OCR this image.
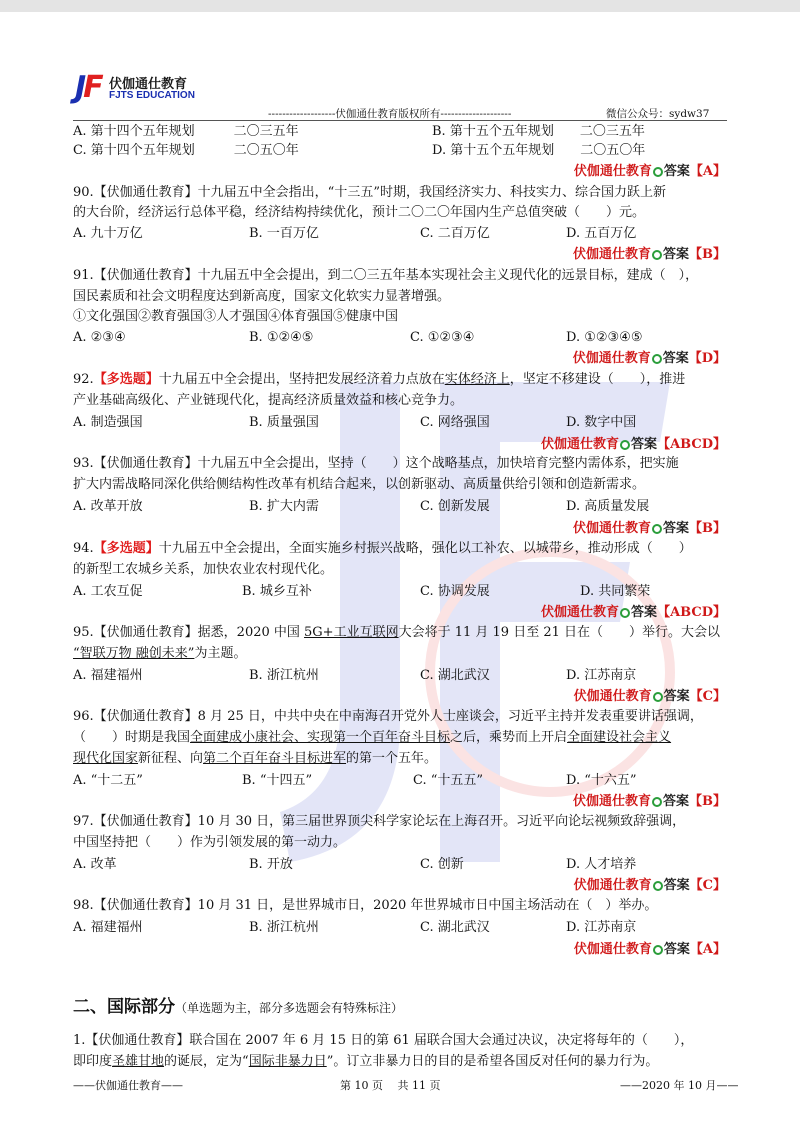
JF 伏伽通仕教育
FJTS EDUCATION
-------------------伏伽通仕教育版权所有--------------------	微信公众号：sydw37
A. 第十四个五年规划　　　二〇三五年	B. 第十五个五年规划　　二〇三五年
C. 第十四个五年规划　　　二〇五〇年	D. 第十五个五年规划　　二〇五〇年
伏伽通仕教育 答案【A】
90.【伏伽通仕教育】十九届五中全会指出，“十三五”时期，我国经济实力、科技实力、综合国力跃上新
的大台阶，经济运行总体平稳，经济结构持续优化，预计二〇二〇年国内生产总值突破（　　）元。
A. 九十万亿	B. 一百万亿	C. 二百万亿	D. 五百万亿
伏伽通仕教育 答案【B】
91.【伏伽通仕教育】十九届五中全会提出，到二〇三五年基本实现社会主义现代化的远景目标，建成（　），
国民素质和社会文明程度达到新高度，国家文化软实力显著增强。
①文化强国②教育强国③人才强国④体育强国⑤健康中国
A. ②③④	B. ①②④⑤	C. ①②③④	D. ①②③④⑤
伏伽通仕教育 答案【D】
92.【多选题】十九届五中全会提出，坚持把发展经济着力点放在实体经济上，坚定不移建设（　　），推进
产业基础高级化、产业链现代化，提高经济质量效益和核心竞争力。
A. 制造强国	B. 质量强国	C. 网络强国	D. 数字中国
伏伽通仕教育 答案【ABCD】
93.【伏伽通仕教育】十九届五中全会提出，坚持（　　）这个战略基点，加快培育完整内需体系，把实施
扩大内需战略同深化供给侧结构性改革有机结合起来，以创新驱动、高质量供给引领和创造新需求。
A. 改革开放	B. 扩大内需	C. 创新发展	D. 高质量发展
伏伽通仕教育 答案【B】
94.【多选题】十九届五中全会提出，全面实施乡村振兴战略，强化以工补农、以城带乡，推动形成（　　）
的新型工农城乡关系，加快农业农村现代化。
A. 工农互促	B. 城乡互补	C. 协调发展	D. 共同繁荣
伏伽通仕教育 答案【ABCD】
95.【伏伽通仕教育】据悉，2020 中国 5G+工业互联网大会将于 11 月 19 日至 21 日在（　　）举行。大会以
“智联万物 融创未来”为主题。
A. 福建福州	B. 浙江杭州	C. 湖北武汉	D. 江苏南京
伏伽通仕教育 答案【C】
96.【伏伽通仕教育】8 月 25 日，中共中央在中南海召开党外人士座谈会，习近平主持并发表重要讲话强调，
（　　）时期是我国全面建成小康社会、实现第一个百年奋斗目标之后，乘势而上开启全面建设社会主义
现代化国家新征程、向第二个百年奋斗目标进军的第一个五年。
A. “十二五”	B. “十四五”	C. “十五五”	D. “十六五”
伏伽通仕教育 答案【B】
97.【伏伽通仕教育】10 月 30 日，第三届世界顶尖科学家论坛在上海召开。习近平向论坛视频致辞强调，
中国坚持把（　　）作为引领发展的第一动力。
A. 改革	B. 开放	C. 创新	D. 人才培养
伏伽通仕教育 答案【C】
98.【伏伽通仕教育】10 月 31 日，是世界城市日，2020 年世界城市日中国主场活动在（　）举办。
A. 福建福州	B. 浙江杭州	C. 湖北武汉	D. 江苏南京
伏伽通仕教育 答案【A】
二、国际部分（单选题为主，部分多选题会有特殊标注）
1.【伏伽通仕教育】联合国在 2007 年 6 月 15 日的第 61 届联合国大会通过决议，决定将每年的（　　），
即印度圣雄甘地的诞辰，定为“国际非暴力日”。订立非暴力日的目的是希望各国反对任何的暴力行为。
——伏伽通仕教育——	第 10 页　 共 11 页	——2020 年 10 月——
